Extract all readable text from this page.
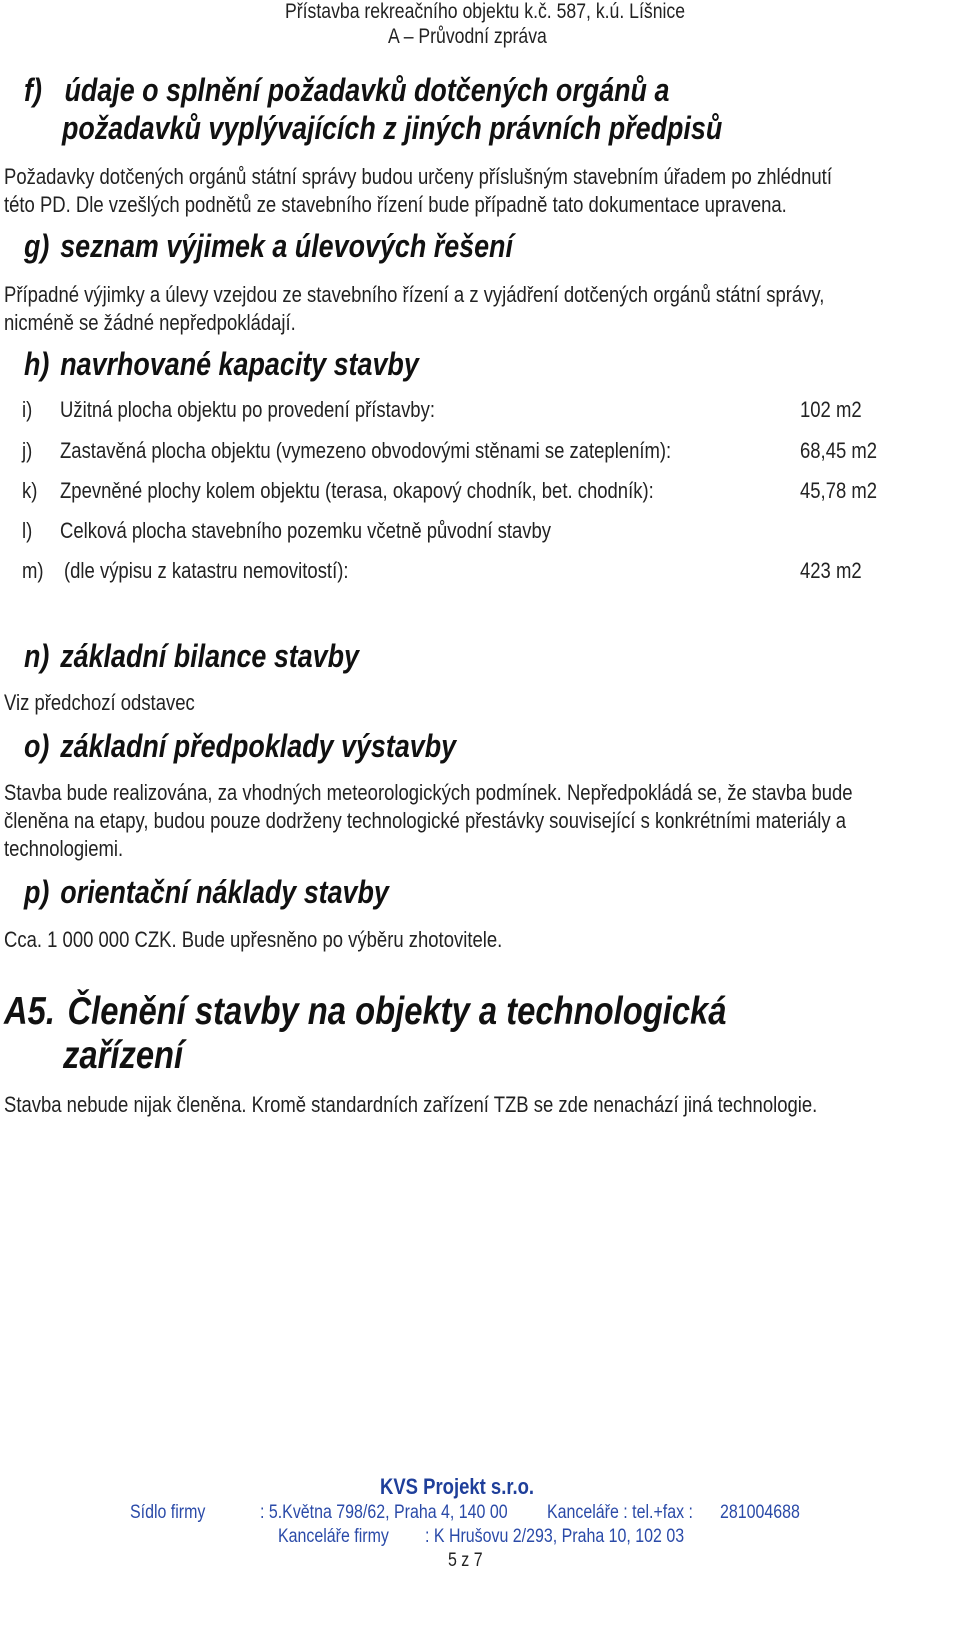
Přístavba rekreačního objektu k.č. 587, k.ú. Líšnice
A – Průvodní zpráva
f) údaje o splnění požadavků dotčených orgánů a
požadavků vyplývajících z jiných právních předpisů
Požadavky dotčených orgánů státní správy budou určeny příslušným stavebním úřadem po zhlédnutí
této PD. Dle vzešlých podnětů ze stavebního řízení bude případně tato dokumentace upravena.
g) seznam výjimek a úlevových řešení
Případné výjimky a úlevy vzejdou ze stavebního řízení a z vyjádření dotčených orgánů státní správy,
nicméně se žádné nepředpokládají.
h) navrhované kapacity stavby
i) Užitná plocha objektu po provedení přístavby:	102 m2
j) Zastavěná plocha objektu (vymezeno obvodovými stěnami se zateplením):	68,45 m2
k) Zpevněné plochy kolem objektu (terasa, okapový chodník, bet. chodník):	45,78 m2
l) Celková plocha stavebního pozemku včetně původní stavby
m) (dle výpisu z katastru nemovitostí):	423 m2
n) základní bilance stavby
Viz předchozí odstavec
o) základní předpoklady výstavby
Stavba bude realizována, za vhodných meteorologických podmínek. Nepředpokládá se, že stavba bude
členěna na etapy, budou pouze dodrženy technologické přestávky související s konkrétními materiály a
technologiemi.
p) orientační náklady stavby
Cca. 1 000 000 CZK. Bude upřesněno po výběru zhotovitele.
A5. Členění stavby na objekty a technologická
zařízení
Stavba nebude nijak členěna. Kromě standardních zařízení TZB se zde nenachází jiná technologie.
KVS Projekt s.r.o.
Sídlo firmy	: 5.Května 798/62, Praha 4, 140 00 Kanceláře : tel.+fax : 281004688
Kanceláře firmy : K Hrušovu 2/293, Praha 10, 102 03
5 z 7
